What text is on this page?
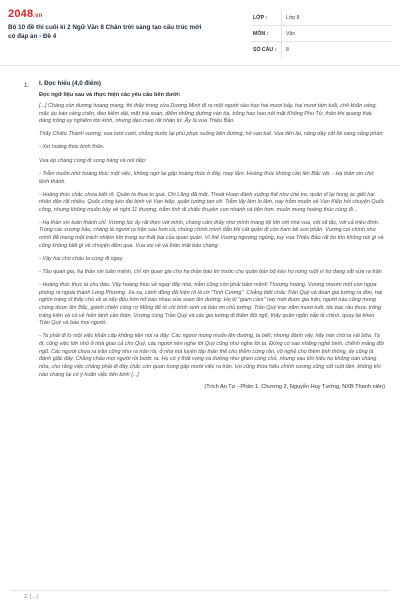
2048.vn
Bộ 10 đề thi cuối kì 2 Ngữ Văn 8 Chân trời sáng tạo cấu trúc mới có đáp án - Đề 4
LỚP :	Lớp 8
MÔN :	Văn
SỐ CÂU :	8
1. I. Đọc hiểu (4,0 điểm)
Đọc ngữ liệu sau và thực hiện các yêu cầu bên dưới:

[...] Chàng còn đương hoang mang, thì thấy trong cửa Dương Minh đi ra một người vào trạc hai mươi bảy, hai mươi tám tuổi, chít khăn vàng, mặc áo bào vàng chẽn, đeo kiếm dài, mặt trái xoan, điểm những đường vàn tía, trông hao hao nét mặt Khống Phu Tử, thân khi quang thái, dáng trông uy nghiêm tôn kính, nhưng đạo mạo rất nhận từ. Ấy là vua Thiệu Bảo.

Thấy Chiêu Thành vương, vua tươi cười, chẳng bước lại phủ phục xuống bên đường, hồ vạn tuế. Vua tiến lại, nâng dậy cất lời sang sảng phán:

- Xin hoàng thúc bình thân.

Vua ép chàng cùng đi song hàng và nói tiếp:

- Trẫm muốn nhờ hoàng thúc một việc, không ngờ lại gặp hoàng thúc ở đây, may lắm. Hoàng thúc không cần lên Bắc vội. - Hạ thần xin chờ lệnh thánh.

- Hoàng thúc chắc chưa biết rõ. Quân ta thua to quá. Chi Lăng đã mất, Thoát Hoan đánh xuống thế như chẻ tre, quân sĩ lại hung ác giết hại nhân dân rất nhiều. Quốc công kéo đại binh về Vạn kiếp, quân tướng tan vỡ. Trẫm lấy làm lo lắm, nay trẫm muốn về Vạn Kiếp hỏi chuyện Quốc công, nhưng không muốn bày về nghỉ 11 thượng, trẫm tính đi chiếc thuyền con nhanh và tiện hơn, muốn mong hoàng thúc cùng đi...

- Hạ thần xin tuân thánh chỉ. Vương lúc ấy rất thèn với mình, chàng cảm thấy như mình mang tội lớn với nhà vua, với xã tắc, với cả triều đình. Trong các vương hầu, chàng là người ra trận sau hơn cả, chúng chính mình dẫn khi cất quân đi còn ham bê son phần. Vương coi chính như mình đã mang một trách nhiệm lớn trong sự thất bại của quan quân. Vì thế Vương ngượng ngùng, tuy vua Thiệu Bảo rất ôn tồn không nói gì và cũng không biết gì về chuyện đêm qua. Vua vui vẻ và thân mật bảo chàng:

- Vậy hai chú cháu ta cùng đi ngay.

- Tâu quan gia, hạ thần xin tuân mệnh, chỉ xin quan gia cho hạ thần báo tin trước cho quân bản bộ kéo họ nóng ruột vì họ đang sắt sửa ra trận.

- Hoàng thúc thực là chu đáo. Vậy hoàng thúc về ngay đây nhé, trẫm cũng còn phải bảm mệnh Thượng hoàng. Vương mươm một con ngựa phóng ra ngoài thành Long Phương. Xa xa, cánh đồng đã hiện rõ là cờ "Tinh Cương". Chẳng biết chắc Trần Quý và đoàn gia tướng ra đón, hai nghìn tráng sĩ thấy chủ về ai nấy đều hớn hở báo nhau sửa soạn lên đường. Họ bị "giam cầm" nay mới được gia trận, người nào cũng mong chóng được lên Bắc, giành chiến công rợ Mông để tỏ chí bình sinh và báo ơn chủ tướng. Trần Quý trạc năm mươi tuổi, tóc bạc râu thưa, trông tráng kiện và có vẻ hiền lành cần thận. Vương cùng Trần Quý và các gia tướng đi thăm đội ngũ, thấy quân ngăn nắp tề chỉnh, quay lại khen Trần Quý và bảo mọi người:

- Ta phải đi lo một việc khẩn cấp không tiện nói ra đây. Các ngươi mong muốn lên đường, ta biết, nhưng đành vậy, hãy nán chờ ta vài bữa. Ta đi, cũng việc lớn nhỏ ở nhà giao cả cho Quý, các ngươi nên nghe lời Quý cũng như nghe lời ta. Đừng có sao nhãng nghề binh, chểnh mảng đội ngũ. Các ngươi chưa ra trận cũng như ra trận rồi, ở nhà mà luyện tập thân thể cho thêm cứng rắn, võ nghệ cho thêm tinh thông, ấy cũng là đánh giặc đấy. Chẳng cháo mọi người rồi bước ra. Họ có ý thất vọng và dường như ghen cùng chủ, nhưng sau khi hiểu họ không oán chàng nữa, cho rằng việc chàng phải đi đây chắc còn quan trọng gấp mười việc ra trận. Họ cũng thừa hiểu chính vương cũng sốt ruột lắm, không khi nào chàng lại có ý hoãn việc tiến binh [...]

(Trích An Tư - Phần 1, Chương 2, Nguyễn Huy Tưởng, NXB Thanh niên)
2. [...]
